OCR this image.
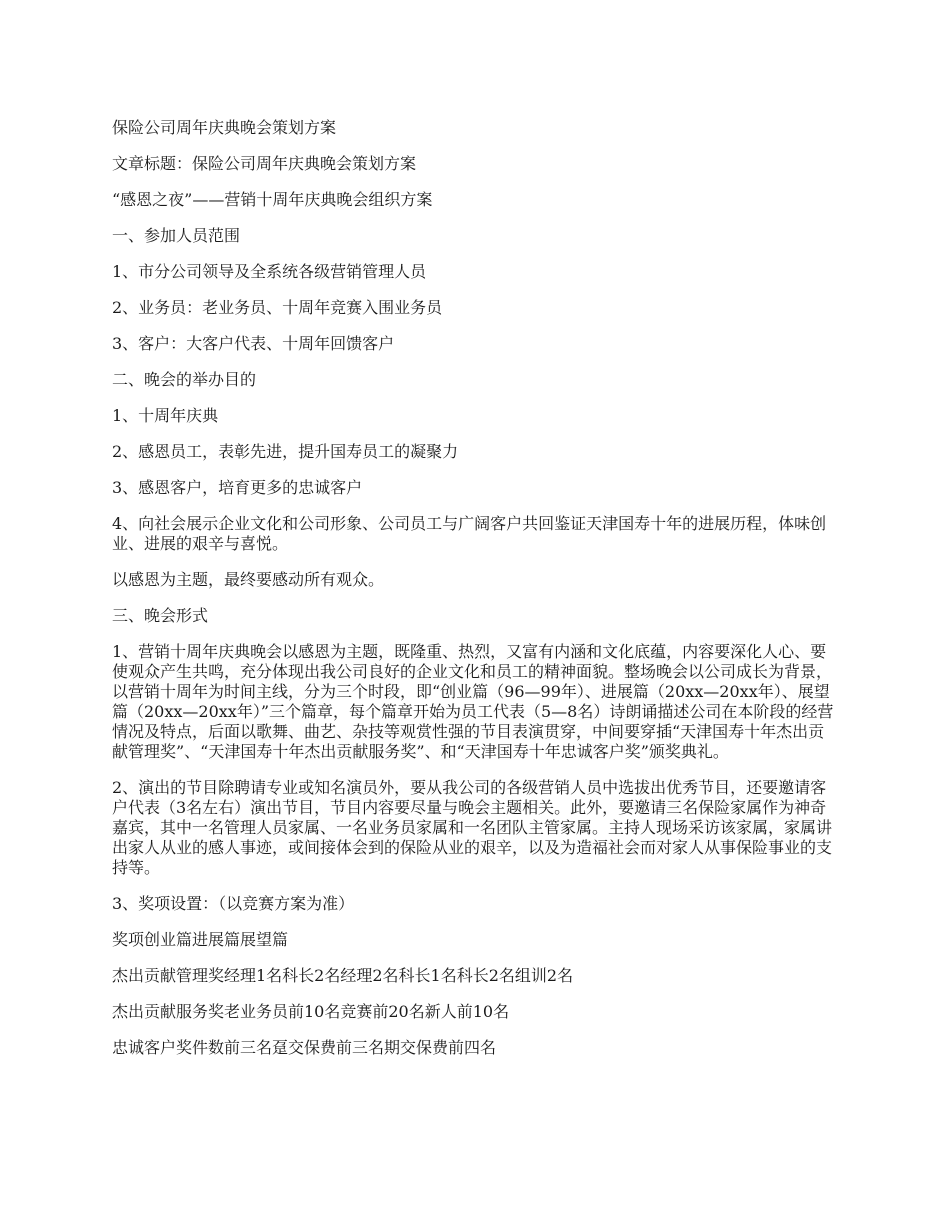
保险公司周年庆典晚会策划方案

文章标题：保险公司周年庆典晚会策划方案

“感恩之夜”——营销十周年庆典晚会组织方案

一、参加人员范围

1、市分公司领导及全系统各级营销管理人员

2、业务员：老业务员、十周年竞赛入围业务员

3、客户：大客户代表、十周年回馈客户

二、晚会的举办目的

1、十周年庆典

2、感恩员工，表彰先进，提升国寿员工的凝聚力

3、感恩客户，培育更多的忠诚客户

4、向社会展示企业文化和公司形象、公司员工与广阔客户共回鉴证天津国寿十年的进展历程，体味创业、进展的艰辛与喜悦。

以感恩为主题，最终要感动所有观众。

三、晚会形式

1、营销十周年庆典晚会以感恩为主题，既隆重、热烈，又富有内涵和文化底蕴，内容要深化人心、要使观众产生共鸣，充分体现出我公司良好的企业文化和员工的精神面貌。整场晚会以公司成长为背景，以营销十周年为时间主线，分为三个时段，即“创业篇（96—99年）、进展篇（20xx—20xx年）、展望篇（20xx—20xx年）”三个篇章，每个篇章开始为员工代表（5—8名）诗朗诵描述公司在本阶段的经营情况及特点，后面以歌舞、曲艺、杂技等观赏性强的节目表演贯穿，中间要穿插“天津国寿十年杰出贡献管理奖”、“天津国寿十年杰出贡献服务奖”、和“天津国寿十年忠诚客户奖”颁奖典礼。

2、演出的节目除聘请专业或知名演员外，要从我公司的各级营销人员中选拔出优秀节目，还要邀请客户代表（3名左右）演出节目，节目内容要尽量与晚会主题相关。此外，要邀请三名保险家属作为神奇嘉宾，其中一名管理人员家属、一名业务员家属和一名团队主管家属。主持人现场采访该家属，家属讲出家人从业的感人事迹，或间接体会到的保险从业的艰辛，以及为造福社会而对家人从事保险事业的支持等。

3、奖项设置：（以竞赛方案为准）

奖项创业篇进展篇展望篇

杰出贡献管理奖经理1名科长2名经理2名科长1名科长2名组训2名

杰出贡献服务奖老业务员前10名竞赛前20名新人前10名

忠诚客户奖件数前三名趸交保费前三名期交保费前四名
